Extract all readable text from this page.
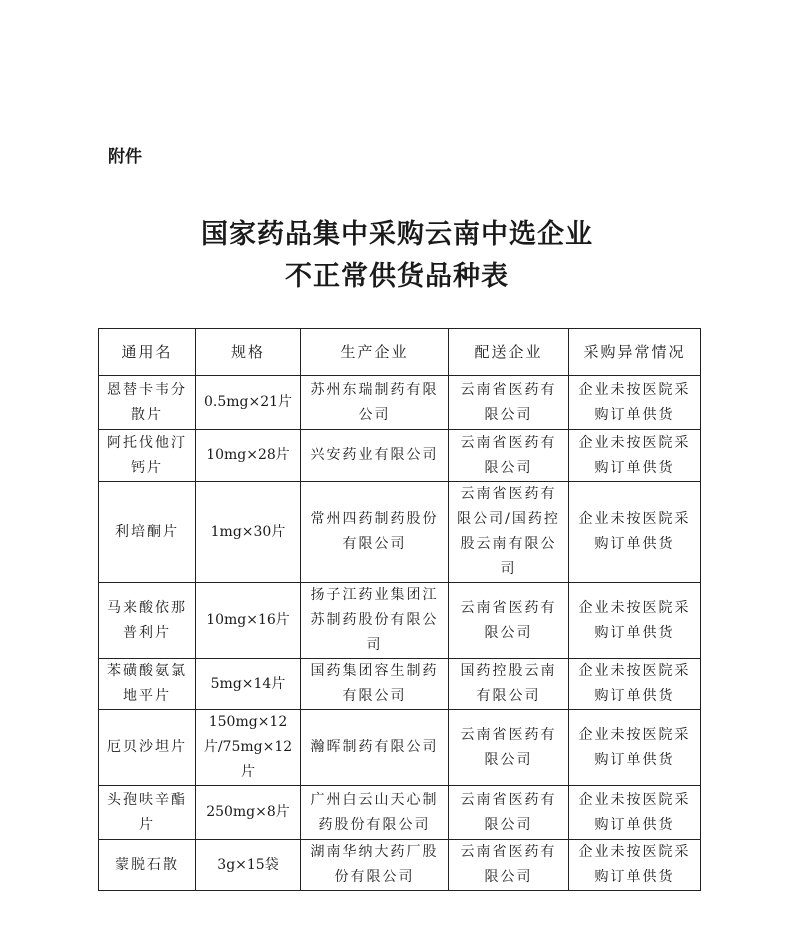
附件
国家药品集中采购云南中选企业
不正常供货品种表
通用名	规格	生产企业	配送企业	采购异常情况
恩替卡韦分散片	0.5mg×21片	苏州东瑞制药有限公司	云南省医药有限公司	企业未按医院采购订单供货
阿托伐他汀钙片	10mg×28片	兴安药业有限公司	云南省医药有限公司	企业未按医院采购订单供货
利培酮片	1mg×30片	常州四药制药股份有限公司	云南省医药有限公司/国药控股云南有限公司	企业未按医院采购订单供货
马来酸依那普利片	10mg×16片	扬子江药业集团江苏制药股份有限公司	云南省医药有限公司	企业未按医院采购订单供货
苯磺酸氨氯地平片	5mg×14片	国药集团容生制药有限公司	国药控股云南有限公司	企业未按医院采购订单供货
厄贝沙坦片	150mg×12片/75mg×12片	瀚晖制药有限公司	云南省医药有限公司	企业未按医院采购订单供货
头孢呋辛酯片	250mg×8片	广州白云山天心制药股份有限公司	云南省医药有限公司	企业未按医院采购订单供货
蒙脱石散	3g×15袋	湖南华纳大药厂股份有限公司	云南省医药有限公司	企业未按医院采购订单供货
